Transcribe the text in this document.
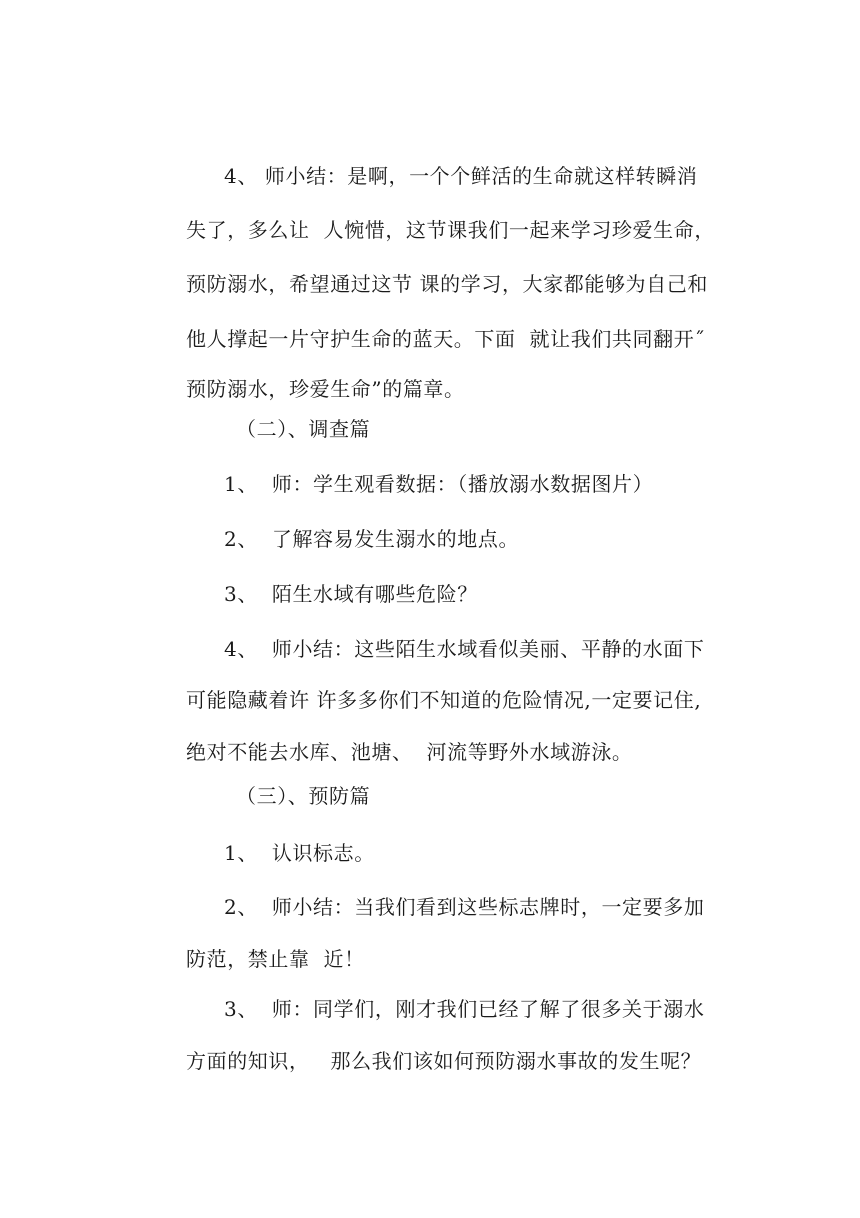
4、 师小结：是啊，一个个鲜活的生命就这样转瞬消
失了，多么让  人惋惜，这节课我们一起来学习珍爱生命，
预防溺水，希望通过这节 课的学习，大家都能够为自己和
他人撑起一片守护生命的蓝天。下面  就让我们共同翻开˝
预防溺水，珍爱生命”的篇章。
（二）、调查篇
1、  师：学生观看数据：（播放溺水数据图片）
2、  了解容易发生溺水的地点。
3、  陌生水域有哪些危险？
4、  师小结：这些陌生水域看似美丽、平静的水面下
可能隐藏着许 许多多你们不知道的危险情况,一定要记住,
绝对不能去水库、池塘、  河流等野外水域游泳。
（三）、预防篇
1、  认识标志。
2、  师小结：当我们看到这些标志牌时，一定要多加
防范，禁止靠  近！
3、  师：同学们，刚才我们已经了解了很多关于溺水
方面的知识，   那么我们该如何预防溺水事故的发生呢？
